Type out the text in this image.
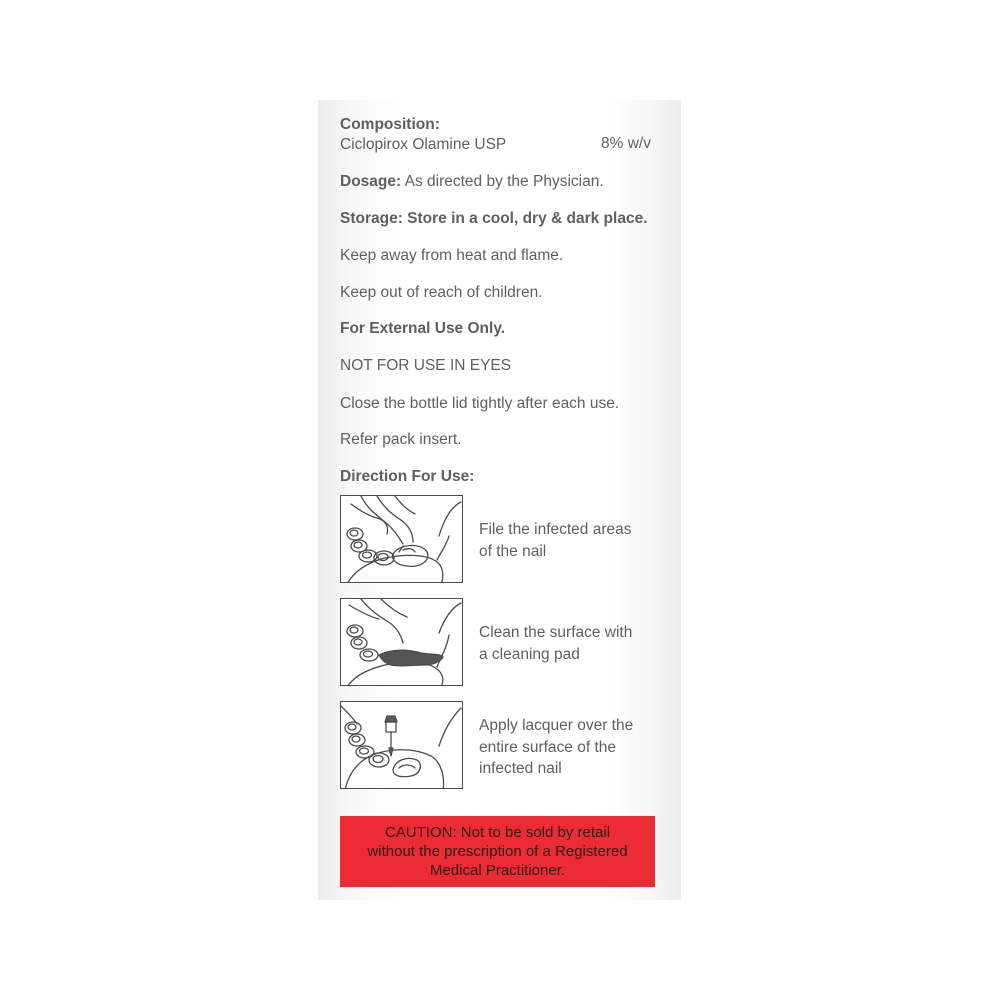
Composition:
Ciclopirox Olamine USP	8% w/v
Dosage: As directed by the Physician.
Storage: Store in a cool, dry & dark place.
Keep away from heat and flame.
Keep out of reach of children.
For External Use Only.
NOT FOR USE IN EYES
Close the bottle lid tightly after each use.
Refer pack insert.
Direction For Use:
File the infected areas
of the nail
Clean the surface with
a cleaning pad
Apply lacquer over the
entire surface of the
infected nail
CAUTION: Not to be sold by retail
without the prescription of a Registered
Medical Practitioner.
